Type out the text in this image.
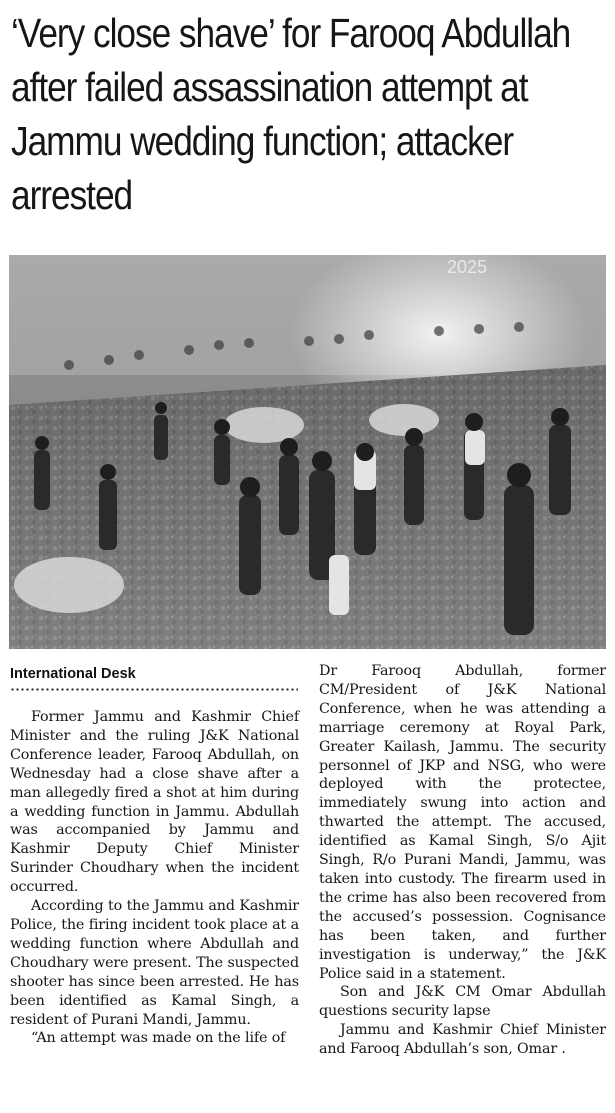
‘Very close shave’ for Farooq Abdullah after failed assassination attempt at Jammu wedding function; attacker arrested
2025
International Desk

Former Jammu and Kashmir Chief Minister and the ruling J&K National Conference leader, Farooq Abdullah, on Wednesday had a close shave after a man allegedly fired a shot at him during a wedding function in Jammu. Abdullah was accompanied by Jammu and Kashmir Deputy Chief Minister Surinder Choudhary when the incident occurred.

According to the Jammu and Kashmir Police, the firing incident took place at a wedding function where Abdullah and Choudhary were present. The suspected shooter has since been arrested. He has been identified as Kamal Singh, a resident of Purani Mandi, Jammu.

“An attempt was made on the life of

Dr Farooq Abdullah, former CM/President of J&K National Conference, when he was attending a marriage ceremony at Royal Park, Greater Kailash, Jammu. The security personnel of JKP and NSG, who were deployed with the protectee, immediately swung into action and thwarted the attempt. The accused, identified as Kamal Singh, S/o Ajit Singh, R/o Purani Mandi, Jammu, was taken into custody. The firearm used in the crime has also been recovered from the accused’s possession. Cognisance has been taken, and further investigation is underway,” the J&K Police said in a statement.

Son and J&K CM Omar Abdullah questions security lapse

Jammu and Kashmir Chief Minister and Farooq Abdullah’s son, Omar .
